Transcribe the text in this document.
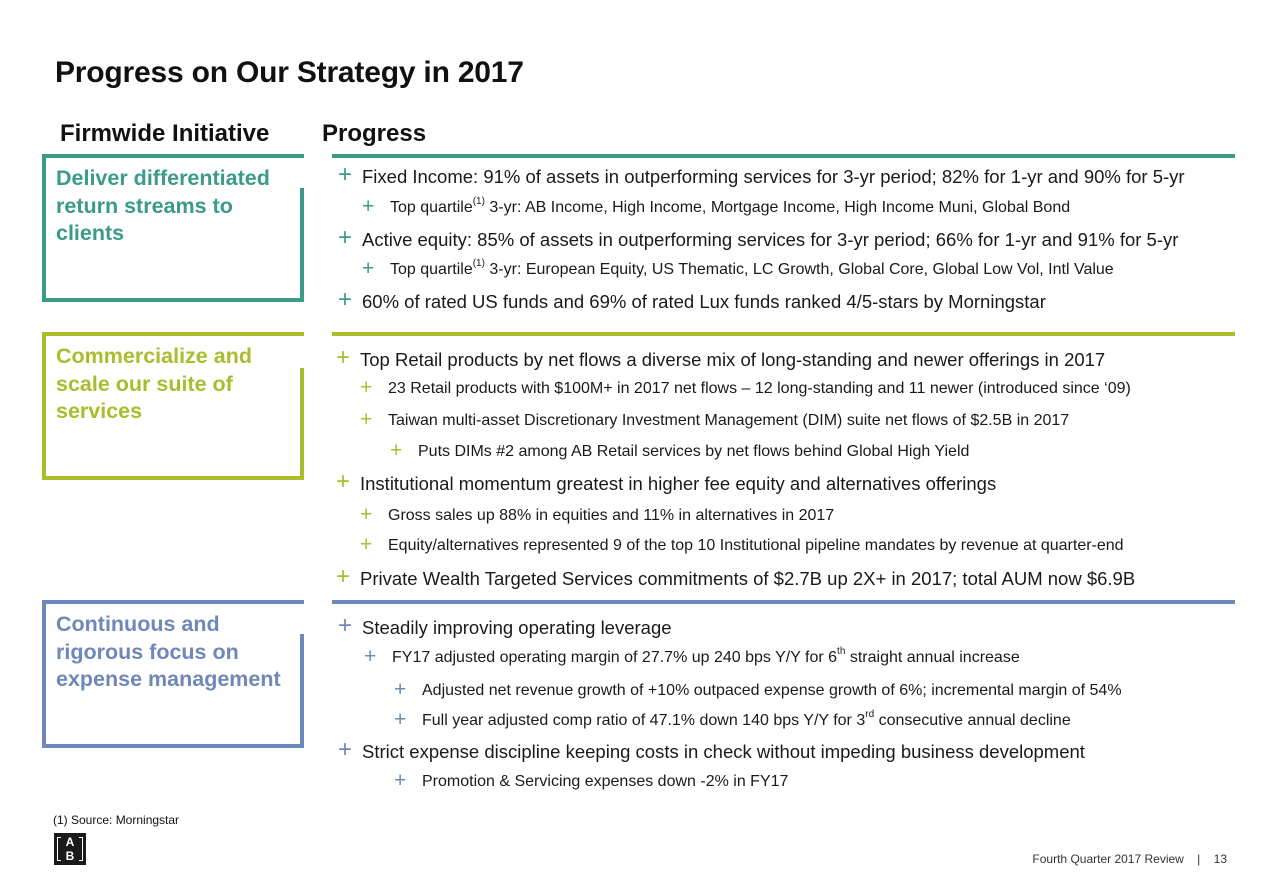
Progress on Our Strategy in 2017
Firmwide Initiative Progress
Deliver differentiated
return streams to
clients
+ Fixed Income: 91% of assets in outperforming services for 3-yr period; 82% for 1-yr and 90% for 5-yr
+ Top quartile$^{(1)}$ 3-yr: AB Income, High Income, Mortgage Income, High Income Muni, Global Bond
+ Active equity: 85% of assets in outperforming services for 3-yr period; 66% for 1-yr and 91% for 5-yr
+ Top quartile$^{(1)}$ 3-yr: European Equity, US Thematic, LC Growth, Global Core, Global Low Vol, Intl Value
+ 60% of rated US funds and 69% of rated Lux funds ranked 4/5-stars by Morningstar
Commercialize and
scale our suite of
services
+ Top Retail products by net flows a diverse mix of long-standing and newer offerings in 2017
+ 23 Retail products with $100M+ in 2017 net flows – 12 long-standing and 11 newer (introduced since ‘09)
+ Taiwan multi-asset Discretionary Investment Management (DIM) suite net flows of $2.5B in 2017
+ Puts DIMs #2 among AB Retail services by net flows behind Global High Yield
+ Institutional momentum greatest in higher fee equity and alternatives offerings
+ Gross sales up 88% in equities and 11% in alternatives in 2017
+ Equity/alternatives represented 9 of the top 10 Institutional pipeline mandates by revenue at quarter-end
+ Private Wealth Targeted Services commitments of $2.7B up 2X+ in 2017; total AUM now $6.9B
Continuous and
rigorous focus on
expense management
+ Steadily improving operating leverage
+ FY17 adjusted operating margin of 27.7% up 240 bps Y/Y for 6th straight annual increase
+ Adjusted net revenue growth of +10% outpaced expense growth of 6%; incremental margin of 54%
+ Full year adjusted comp ratio of 47.1% down 140 bps Y/Y for 3rd consecutive annual decline
+ Strict expense discipline keeping costs in check without impeding business development
+ Promotion & Servicing expenses down -2% in FY17
(1) Source: Morningstar
A
B	Fourth Quarter 2017 Review | 13
